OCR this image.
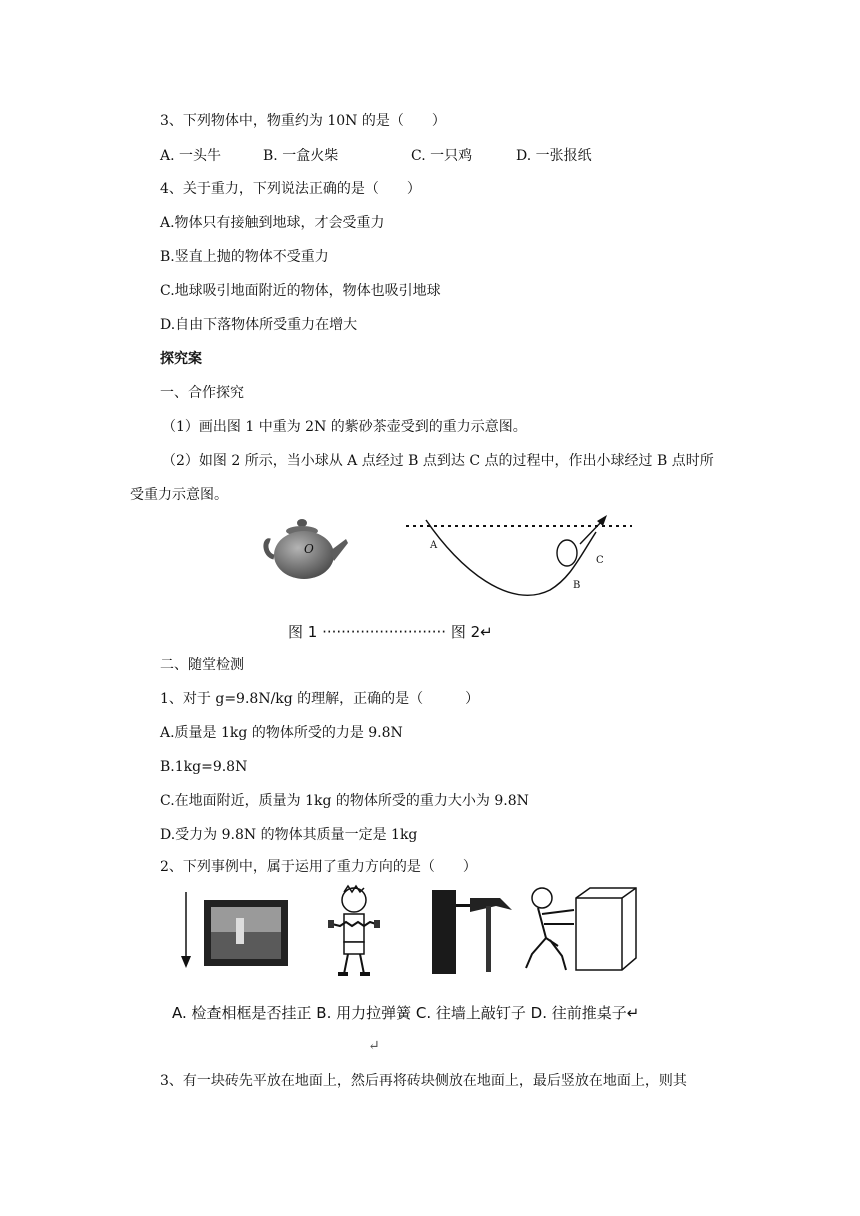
3、下列物体中，物重约为 10N 的是（　　）
A. 一头牛	B. 一盒火柴	C. 一只鸡	D. 一张报纸
4、关于重力，下列说法正确的是（　　）
A.物体只有接触到地球，才会受重力
B.竖直上抛的物体不受重力
C.地球吸引地面附近的物体，物体也吸引地球
D.自由下落物体所受重力在增大
探究案
一、合作探究
（1）画出图 1 中重为 2N 的紫砂茶壶受到的重力示意图。
（2）如图 2 所示，当小球从 A 点经过 B 点到达 C 点的过程中，作出小球经过 B 点时所
受重力示意图。
O	A
B
C
图 1 ·························· 图 2↵
二、随堂检测
1、对于 g=9.8N/kg 的理解，正确的是（　　　）
A.质量是 1kg 的物体所受的力是 9.8N
B.1kg=9.8N
C.在地面附近，质量为 1kg 的物体所受的重力大小为 9.8N
D.受力为 9.8N 的物体其质量一定是 1kg
2、下列事例中，属于运用了重力方向的是（　　）
A. 检查相框是否挂正 B. 用力拉弹簧 C. 往墙上敲钉子 D. 往前推桌子↵
↵
3、有一块砖先平放在地面上，然后再将砖块侧放在地面上，最后竖放在地面上，则其
